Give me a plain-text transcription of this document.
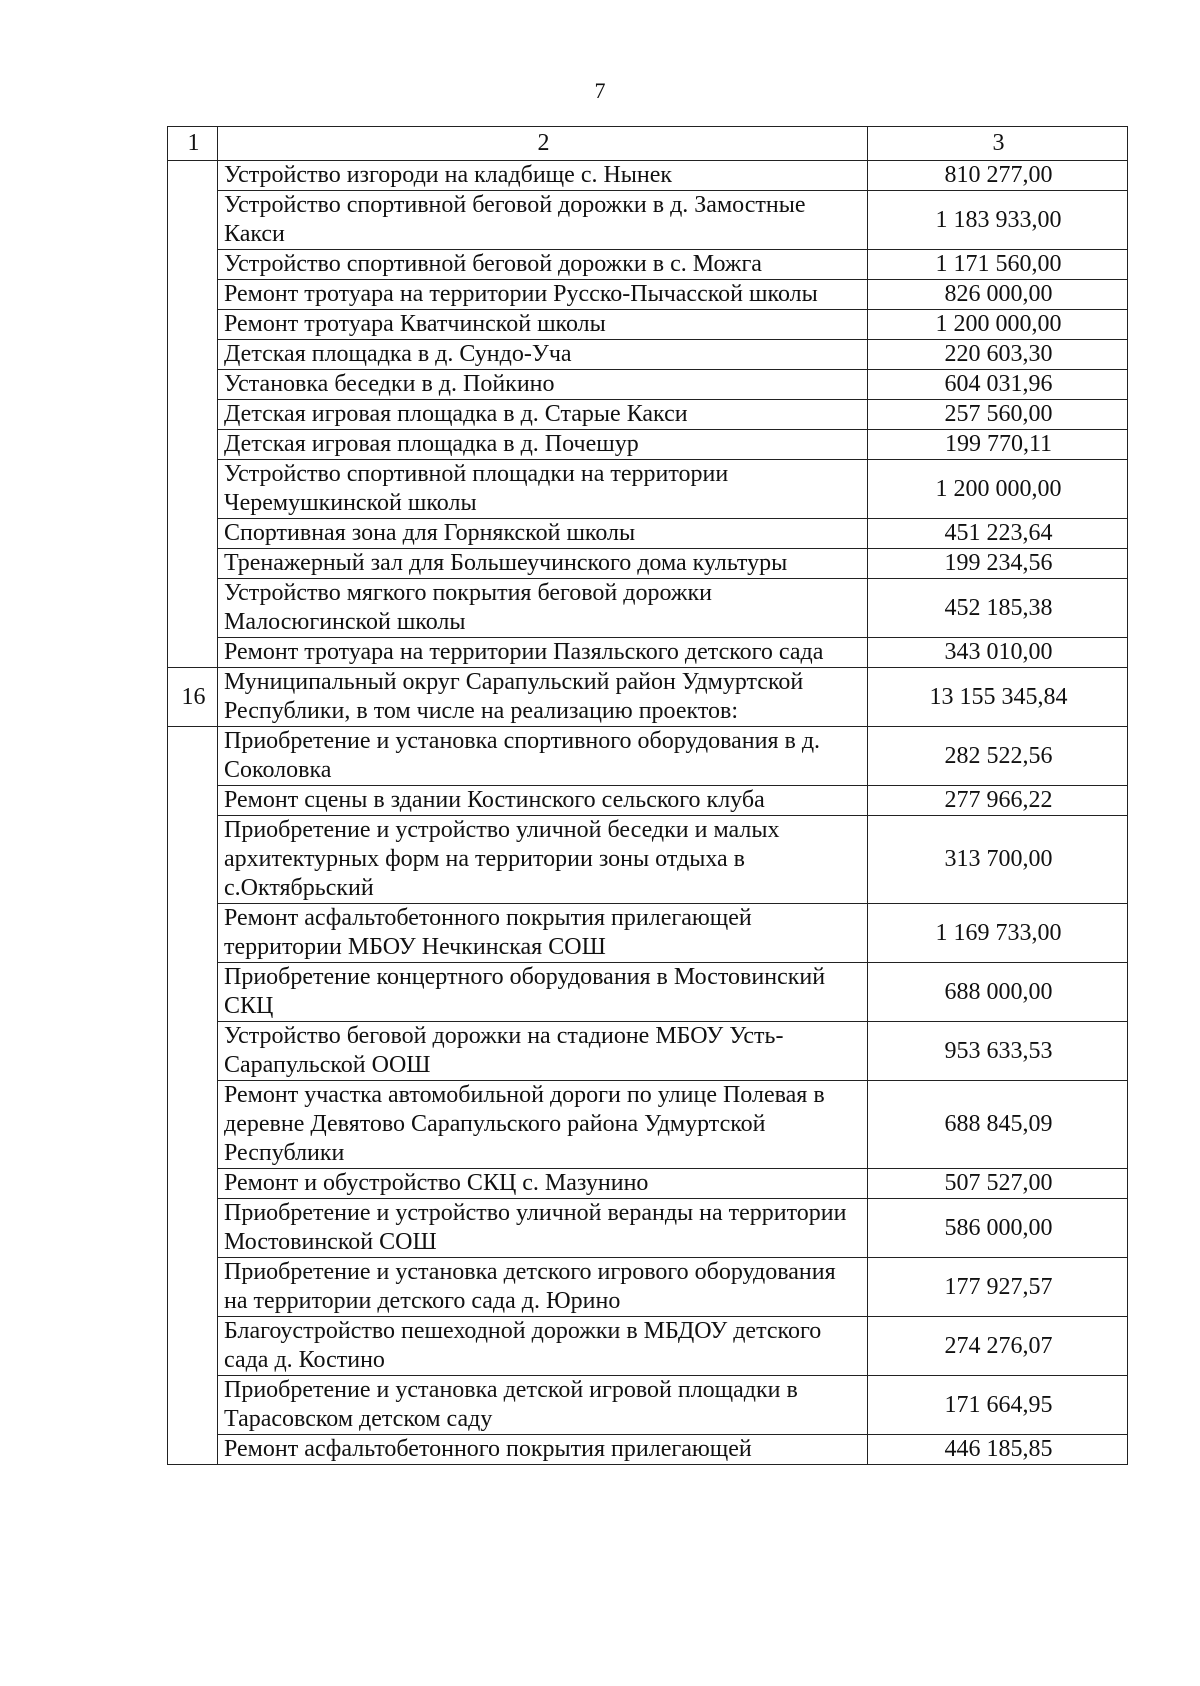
7
1	2	3
	Устройство изгороди на кладбище с. Нынек	810 277,00
	Устройство спортивной беговой дорожки в д. Замостные Какси	1 183 933,00
	Устройство спортивной беговой дорожки в с. Можга	1 171 560,00
	Ремонт тротуара на территории Русско-Пычасской школы	826 000,00
	Ремонт тротуара Кватчинской школы	1 200 000,00
	Детская площадка в д. Сундо-Уча	220 603,30
	Установка беседки в д. Пойкино	604 031,96
	Детская игровая площадка в д. Старые Какси	257 560,00
	Детская игровая площадка в д. Почешур	199 770,11
	Устройство спортивной площадки на территории Черемушкинской школы	1 200 000,00
	Спортивная зона для Горнякской школы	451 223,64
	Тренажерный зал для Большеучинского дома культуры	199 234,56
	Устройство мягкого покрытия беговой дорожки Малосюгинской школы	452 185,38
	Ремонт тротуара на территории Пазяльского детского сада	343 010,00
16	Муниципальный округ Сарапульский район Удмуртской Республики, в том числе на реализацию проектов:	13 155 345,84
	Приобретение и установка спортивного оборудования в д. Соколовка	282 522,56
	Ремонт сцены в здании Костинского сельского клуба	277 966,22
	Приобретение и устройство уличной беседки и малых архитектурных форм на территории зоны отдыха в с.Октябрьский	313 700,00
	Ремонт асфальтобетонного покрытия прилегающей территории МБОУ Нечкинская СОШ	1 169 733,00
	Приобретение концертного оборудования в Мостовинский СКЦ	688 000,00
	Устройство беговой дорожки на стадионе МБОУ Усть-Сарапульской ООШ	953 633,53
	Ремонт участка автомобильной дороги по улице Полевая в деревне Девятово Сарапульского района Удмуртской Республики	688 845,09
	Ремонт и обустройство СКЦ с. Мазунино	507 527,00
	Приобретение и устройство уличной веранды на территории Мостовинской СОШ	586 000,00
	Приобретение и установка детского игрового оборудования на территории детского сада д. Юрино	177 927,57
	Благоустройство пешеходной дорожки в МБДОУ детского сада д. Костино	274 276,07
	Приобретение и установка детской игровой площадки в Тарасовском детском саду	171 664,95
	Ремонт асфальтобетонного покрытия прилегающей	446 185,85
